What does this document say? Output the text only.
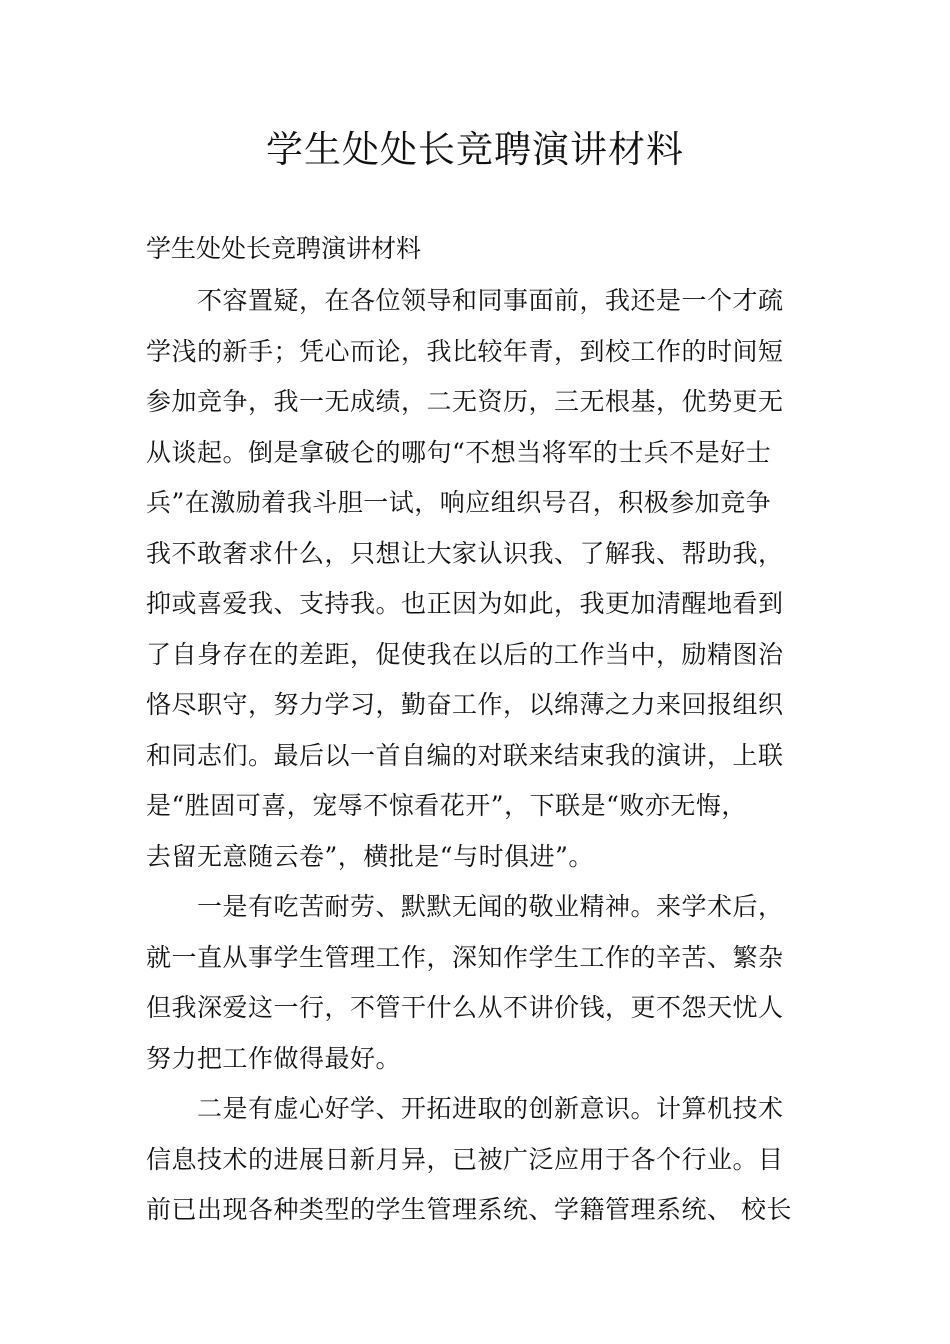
学生处处长竞聘演讲材料

学生处处长竞聘演讲材料

不容置疑，在各位领导和同事面前，我还是一个才疏
学浅的新手；凭心而论，我比较年青，到校工作的时间短
参加竞争，我一无成绩，二无资历，三无根基，优势更无
从谈起。倒是拿破仑的哪句“不想当将军的士兵不是好士
兵”在激励着我斗胆一试，响应组织号召，积极参加竞争
我不敢奢求什么，只想让大家认识我、了解我、帮助我，
抑或喜爱我、支持我。也正因为如此，我更加清醒地看到
了自身存在的差距，促使我在以后的工作当中，励精图治
恪尽职守，努力学习，勤奋工作，以绵薄之力来回报组织
和同志们。最后以一首自编的对联来结束我的演讲，上联
是“胜固可喜，宠辱不惊看花开”，下联是“败亦无悔，
去留无意随云卷”，横批是“与时俱进”。
一是有吃苦耐劳、默默无闻的敬业精神。来学术后，
就一直从事学生管理工作，深知作学生工作的辛苦、繁杂
但我深爱这一行，不管干什么从不讲价钱，更不怨天忧人
努力把工作做得最好。
二是有虚心好学、开拓进取的创新意识。计算机技术
信息技术的进展日新月异，已被广泛应用于各个行业。目
前已出现各种类型的学生管理系统、学籍管理系统、 校长
